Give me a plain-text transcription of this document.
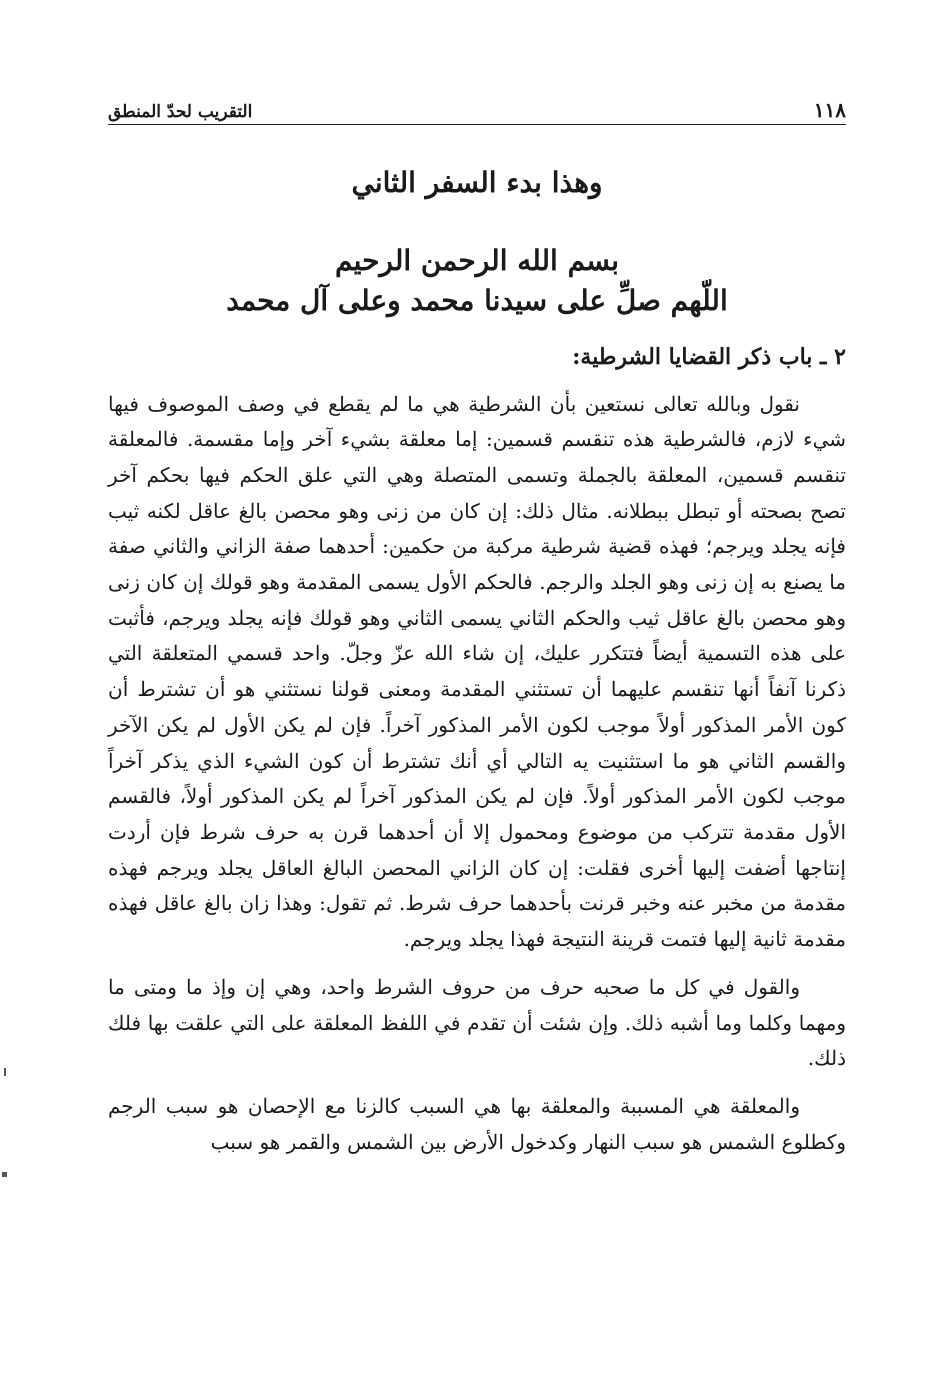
١١٨
التقريب لحدّ المنطق
وهذا بدء السفر الثاني
بسم الله الرحمن الرحيم
اللّهم صلِّ على سيدنا محمد وعلى آل محمد
٢ ـ باب ذكر القضايا الشرطية:

نقول وبالله تعالى نستعين بأن الشرطية هي ما لم يقطع في وصف الموصوف فيها شيء لازم، فالشرطية هذه تنقسم قسمين: إما معلقة بشيء آخر وإما مقسمة. فالمعلقة تنقسم قسمين، المعلقة بالجملة وتسمى المتصلة وهي التي علق الحكم فيها بحكم آخر تصح بصحته أو تبطل ببطلانه. مثال ذلك: إن كان من زنى وهو محصن بالغ عاقل لكنه ثيب فإنه يجلد ويرجم؛ فهذه قضية شرطية مركبة من حكمين: أحدهما صفة الزاني والثاني صفة ما يصنع به إن زنى وهو الجلد والرجم. فالحكم الأول يسمى المقدمة وهو قولك إن كان زنى وهو محصن بالغ عاقل ثيب والحكم الثاني يسمى الثاني وهو قولك فإنه يجلد ويرجم، فأثبت على هذه التسمية أيضاً فتتكرر عليك، إن شاء الله عزّ وجلّ. واحد قسمي المتعلقة التي ذكرنا آنفاً أنها تنقسم عليهما أن تستثني المقدمة ومعنى قولنا نستثني هو أن تشترط أن كون الأمر المذكور أولاً موجب لكون الأمر المذكور آخراً. فإن لم يكن الأول لم يكن الآخر والقسم الثاني هو ما استثنيت يه التالي أي أنك تشترط أن كون الشيء الذي يذكر آخراً موجب لكون الأمر المذكور أولاً. فإن لم يكن المذكور آخراً لم يكن المذكور أولاً، فالقسم الأول مقدمة تتركب من موضوع ومحمول إلا أن أحدهما قرن به حرف شرط فإن أردت إنتاجها أضفت إليها أخرى فقلت: إن كان الزاني المحصن البالغ العاقل يجلد ويرجم فهذه مقدمة من مخبر عنه وخبر قرنت بأحدهما حرف شرط. ثم تقول: وهذا زان بالغ عاقل فهذه مقدمة ثانية إليها فتمت قرينة النتيجة فهذا يجلد ويرجم.

والقول في كل ما صحبه حرف من حروف الشرط واحد، وهي إن وإذ ما ومتى ما ومهما وكلما وما أشبه ذلك. وإن شئت أن تقدم في اللفظ المعلقة على التي علقت بها فلك ذلك.

والمعلقة هي المسببة والمعلقة بها هي السبب كالزنا مع الإحصان هو سبب الرجم وكطلوع الشمس هو سبب النهار وكدخول الأرض بين الشمس والقمر هو سبب
